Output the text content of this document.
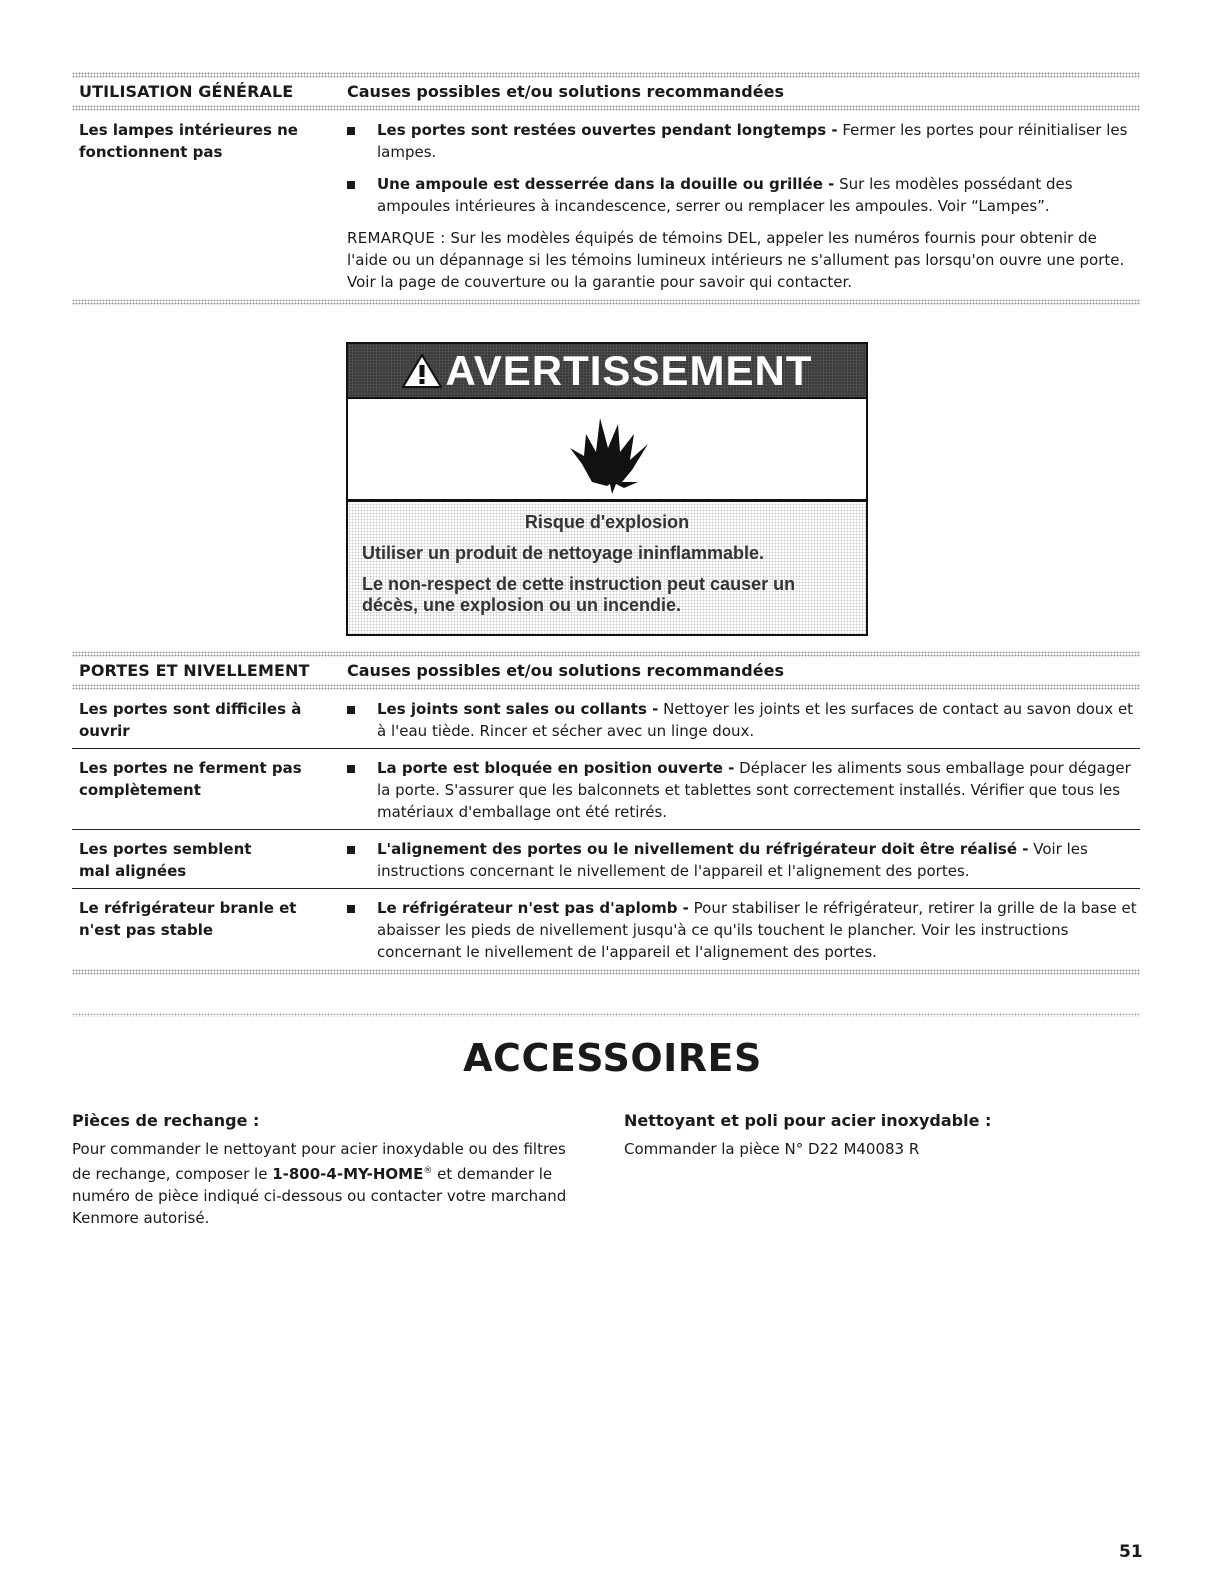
UTILISATION GÉNÉRALE	Causes possibles et/ou solutions recommandées
Les lampes intérieures ne fonctionnent pas
Les portes sont restées ouvertes pendant longtemps - Fermer les portes pour réinitialiser les lampes.
Une ampoule est desserrée dans la douille ou grillée - Sur les modèles possédant des ampoules intérieures à incandescence, serrer ou remplacer les ampoules. Voir “Lampes”.
REMARQUE : Sur les modèles équipés de témoins DEL, appeler les numéros fournis pour obtenir de l'aide ou un dépannage si les témoins lumineux intérieurs ne s'allument pas lorsqu'on ouvre une porte. Voir la page de couverture ou la garantie pour savoir qui contacter.
AVERTISSEMENT
Risque d'explosion
Utiliser un produit de nettoyage ininflammable.
Le non-respect de cette instruction peut causer un décès, une explosion ou un incendie.
PORTES ET NIVELLEMENT	Causes possibles et/ou solutions recommandées
Les portes sont difficiles à ouvrir
Les joints sont sales ou collants - Nettoyer les joints et les surfaces de contact au savon doux et à l'eau tiède. Rincer et sécher avec un linge doux.
Les portes ne ferment pas complètement
La porte est bloquée en position ouverte - Déplacer les aliments sous emballage pour dégager la porte. S'assurer que les balconnets et tablettes sont correctement installés. Vérifier que tous les matériaux d'emballage ont été retirés.
Les portes semblent mal alignées
L'alignement des portes ou le nivellement du réfrigérateur doit être réalisé - Voir les instructions concernant le nivellement de l'appareil et l'alignement des portes.
Le réfrigérateur branle et n'est pas stable
Le réfrigérateur n'est pas d'aplomb - Pour stabiliser le réfrigérateur, retirer la grille de la base et abaisser les pieds de nivellement jusqu'à ce qu'ils touchent le plancher. Voir les instructions concernant le nivellement de l'appareil et l'alignement des portes.
ACCESSOIRES
Pièces de rechange :

Pour commander le nettoyant pour acier inoxydable ou des filtres de rechange, composer le 1-800-4-MY-HOME® et demander le numéro de pièce indiqué ci-dessous ou contacter votre marchand Kenmore autorisé.

Nettoyant et poli pour acier inoxydable :

Commander la pièce N° D22 M40083 R

51
